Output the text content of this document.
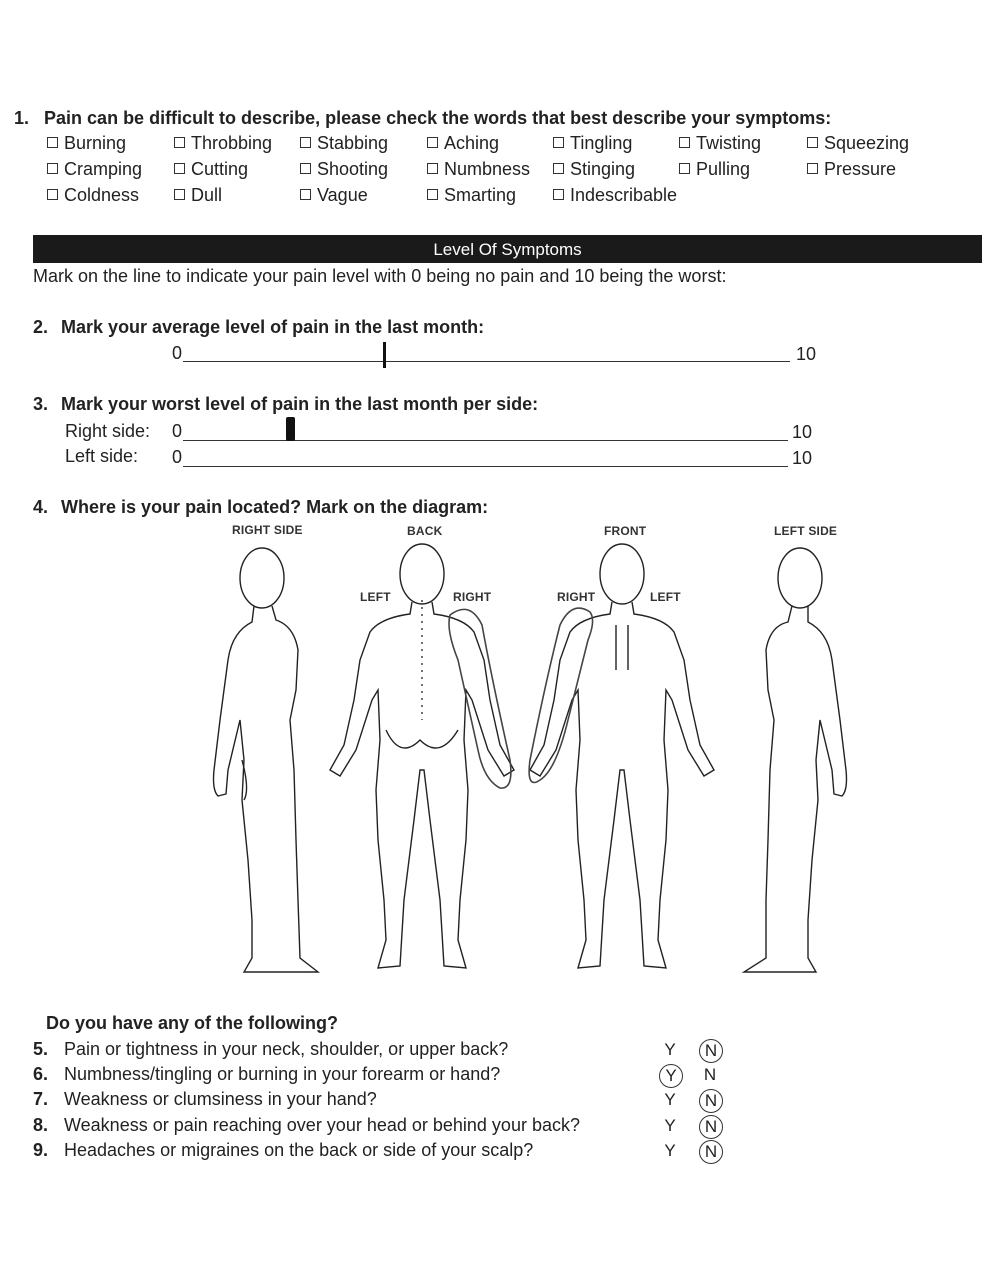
1. Pain can be difficult to describe, please check the words that best describe your symptoms:
Burning	Throbbing	Stabbing	Aching	Tingling	Twisting	Squeezing
Cramping	Cutting	Shooting	Numbness	Stinging	Pulling	Pressure
Coldness	Dull	Vague	Smarting	Indescribable
Level Of Symptoms
Mark on the line to indicate your pain level with 0 being no pain and 10 being the worst:
2. Mark your average level of pain in the last month:
0	10
3. Mark your worst level of pain in the last month per side:
Right side: 0	10
Left side: 0	10
4. Where is your pain located? Mark on the diagram:
RIGHT SIDE	BACK	FRONT	LEFT SIDE
LEFT	RIGHT	RIGHT	LEFT
Do you have any of the following?
5. Pain or tightness in your neck, shoulder, or upper back?	Y	N
6. Numbness/tingling or burning in your forearm or hand?	Y	N
7. Weakness or clumsiness in your hand?	Y	N
8. Weakness or pain reaching over your head or behind your back?	Y	N
9. Headaches or migraines on the back or side of your scalp?	Y	N
